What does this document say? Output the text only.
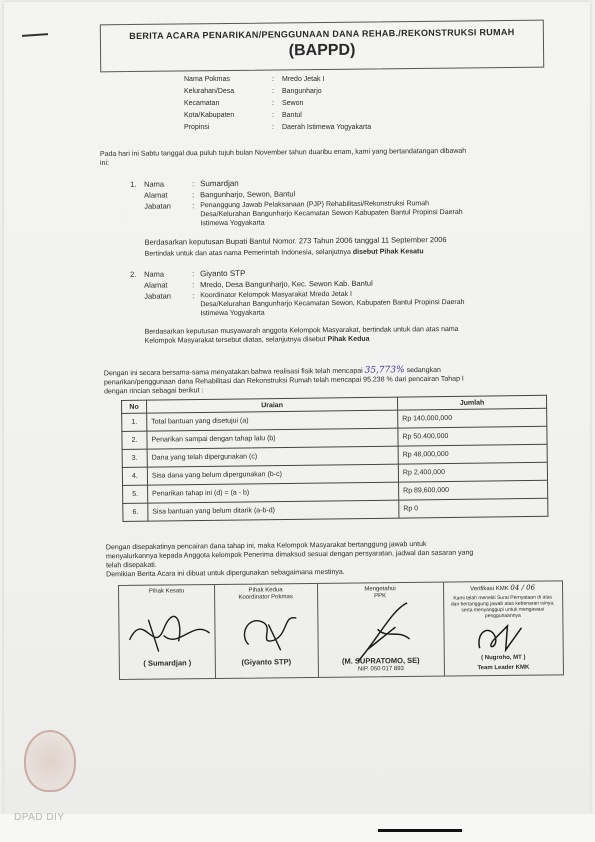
BERITA ACARA PENARIKAN/PENGGUNAAN DANA REHAB./REKONSTRUKSI RUMAH
(BAPPD)
Nama Pokmas	: Mredo Jetak I
Kelurahan/Desa	: Bangunharjo
Kecamatan	: Sewon
Kota/Kabupaten	: Bantul
Propinsi	: Daerah Istimewa Yogyakarta
Pada hari ini Sabtu tanggal dua puluh tujuh bulan November tahun duaribu enam, kami yang bertandatangan dibawah
ini:
1. Nama	: Sumardjan
Alamat	: Bangunharjo, Sewon, Bantul
Jabatan	: Penanggung Jawab Pelaksanaan (PJP) Rehabilitasi/Rekonstruksi Rumah
Desa/Kelurahan Bangunharjo Kecamatan Sewon Kabupaten Bantul Propinsi Daerah
Istimewa Yogyakarta
Berdasarkan keputusan Bupati Bantul Nomor. 273 Tahun 2006 tanggal 11 September 2006
Bertindak untuk dan atas nama Pemerintah Indonesia, selanjutnya disebut Pihak Kesatu
2. Nama	: Giyanto STP
Alamat	: Mredo, Desa Bangunharjo, Kec. Sewon Kab. Bantul
Jabatan	: Koordinator Kelompok Masyarakat Mredo Jetak I
Desa/Kelurahan Bangunharjo Kecamatan Sewon, Kabupaten Bantul Propinsi Daerah
Istimewa Yogyakarta
Berdasarkan keputusan musyawarah anggota Kelompok Masyarakat, bertindak untuk dan atas nama
Kelompok Masyarakat tersebut diatas, selanjutnya disebut Pihak Kedua
Dengan ini secara bersama-sama menyatakan bahwa realisasi fisik telah mencapai 35,773% sedangkan
penarikan/penggunaan dana Rehabilitasi dan Rekonstruksi Rumah telah mencapai 95.238 % dari pencairan Tahap I
dengan rincian sebagai berikut :
No	Uraian	Jumlah
1.	Total bantuan yang disetujui (a)	Rp 140,000,000
2.	Penarikan sampai dengan tahap lalu (b)	Rp 50.400,000
3.	Dana yang telah dipergunakan (c)	Rp 48,000,000
4.	Sisa dana yang belum dipergunakan (b-c)	Rp 2,400,000
5.	Penarikan tahap ini (d) = (a - b)	Rp 89,600,000
6.	Sisa bantuan yang belum ditarik (a-b-d)	Rp 0
Dengan disepakatinya pencairan dana tahap ini, maka Kelompok Masyarakat bertanggung jawab untuk
menyalurkannya kepada Anggota kelompok Penerima dimaksud sesuai dengan persyaratan, jadwal dan sasaran yang
telah disepakati.
Demikian Berita Acara ini dibuat untuk dipergunakan sebagaimana mestinya.
Pihak Kesatu
( Sumardjan )
Pihak Kedua
Koordinator Pokmas
(Giyanto STP)
Mengetahui
PPK
(M. SUPRATOMO, SE)
NIP. 050 017 893
Verifikasi KMK 04 / 06
Kami telah meneliti Surat Pernyataan di atas dan bertanggung jawab atas kebenaran isinya, serta menyanggupi untuk mengawasi penggunaannya
( Nugroho, MT )
Team Leader KMK
DPAD DIY
